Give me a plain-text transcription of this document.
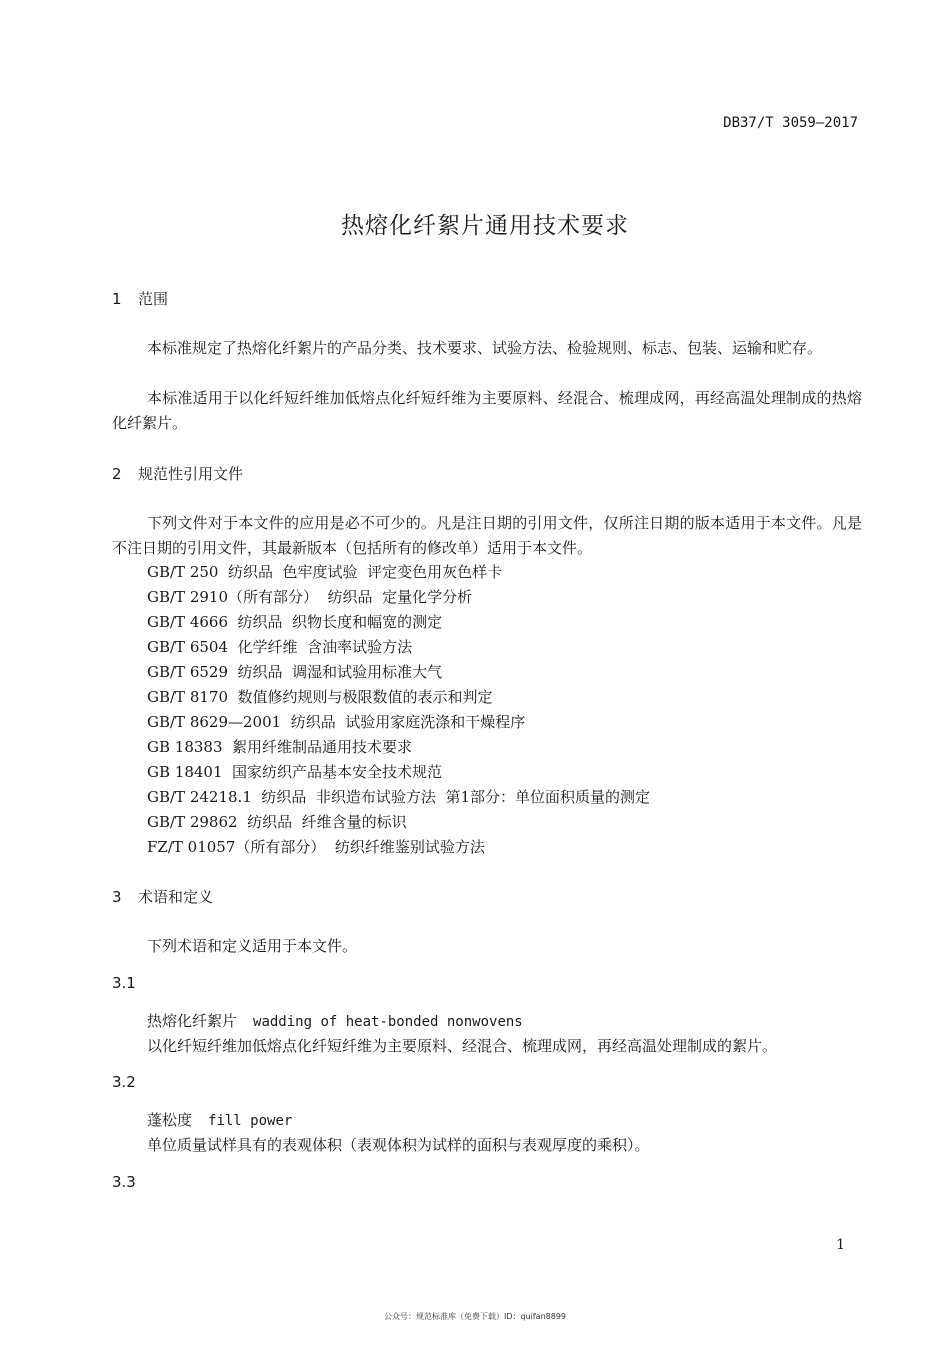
DB37/T 3059—2017
热熔化纤絮片通用技术要求
1 范围
本标准规定了热熔化纤絮片的产品分类、技术要求、试验方法、检验规则、标志、包装、运输和贮存。
本标准适用于以化纤短纤维加低熔点化纤短纤维为主要原料、经混合、梳理成网，再经高温处理制成的热熔化纤絮片。
2 规范性引用文件
下列文件对于本文件的应用是必不可少的。凡是注日期的引用文件，仅所注日期的版本适用于本文件。凡是不注日期的引用文件，其最新版本（包括所有的修改单）适用于本文件。
GB/T 250  纺织品  色牢度试验  评定变色用灰色样卡
GB/T 2910（所有部分）  纺织品  定量化学分析
GB/T 4666  纺织品  织物长度和幅宽的测定
GB/T 6504  化学纤维  含油率试验方法
GB/T 6529  纺织品  调湿和试验用标准大气
GB/T 8170  数值修约规则与极限数值的表示和判定
GB/T 8629—2001  纺织品  试验用家庭洗涤和干燥程序
GB 18383  絮用纤维制品通用技术要求
GB 18401  国家纺织产品基本安全技术规范
GB/T 24218.1  纺织品  非织造布试验方法  第1部分：单位面积质量的测定
GB/T 29862  纺织品  纤维含量的标识
FZ/T 01057（所有部分）  纺织纤维鉴别试验方法
3 术语和定义
下列术语和定义适用于本文件。
3.1
热熔化纤絮片 wadding of heat-bonded nonwovens
以化纤短纤维加低熔点化纤短纤维为主要原料、经混合、梳理成网，再经高温处理制成的絮片。
3.2
蓬松度 fill power
单位质量试样具有的表观体积（表观体积为试样的面积与表观厚度的乘积）。
3.3
1
公众号：规范标准库（免费下载）ID：quifan8899
